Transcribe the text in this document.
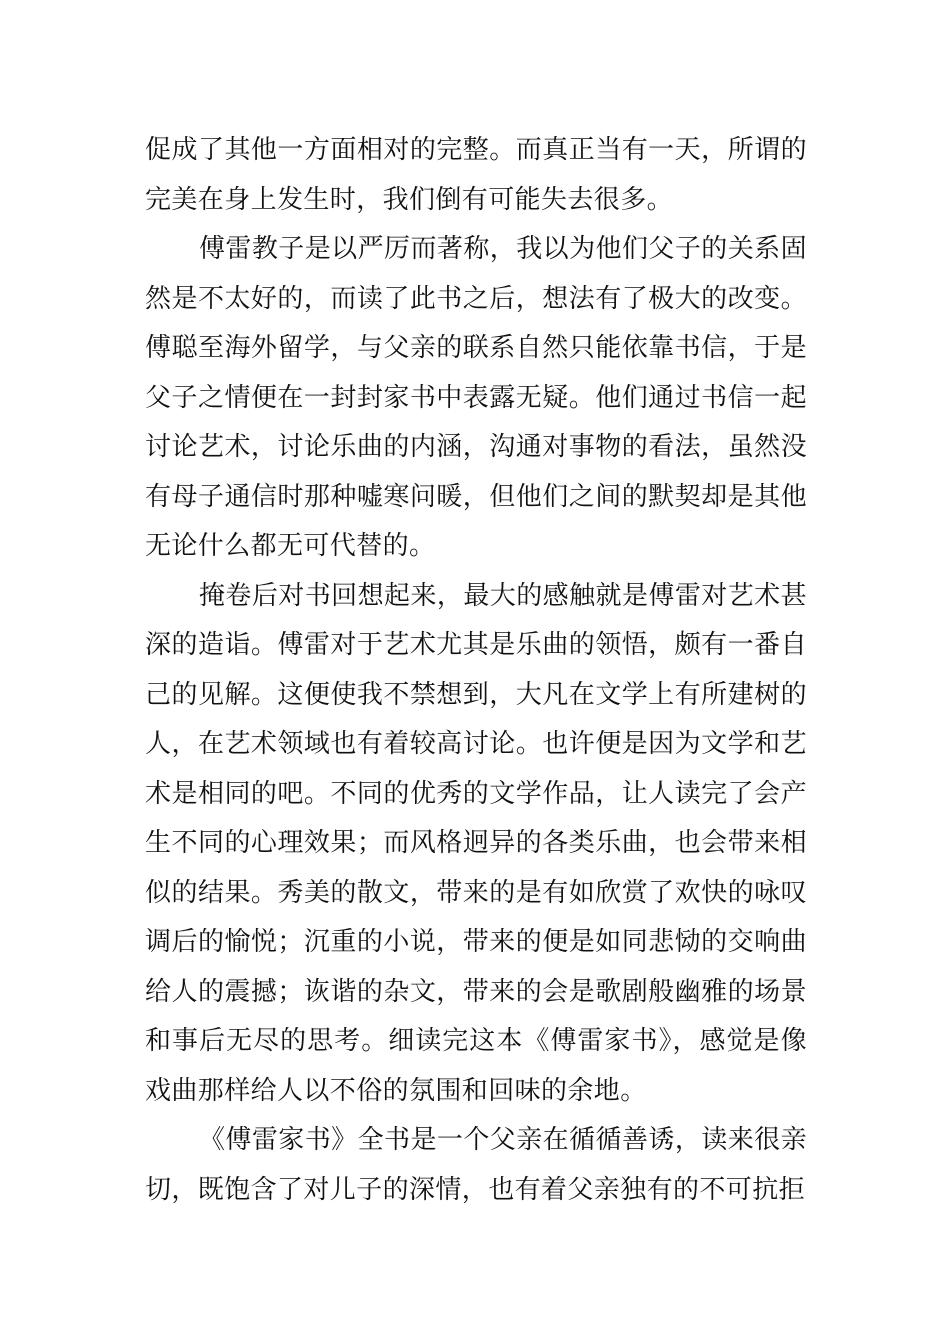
促成了其他一方面相对的完整。而真正当有一天，所谓的完美在身上发生时，我们倒有可能失去很多。

傅雷教子是以严厉而著称，我以为他们父子的关系固然是不太好的，而读了此书之后，想法有了极大的改变。傅聪至海外留学，与父亲的联系自然只能依靠书信，于是父子之情便在一封封家书中表露无疑。他们通过书信一起讨论艺术，讨论乐曲的内涵，沟通对事物的看法，虽然没有母子通信时那种嘘寒问暖，但他们之间的默契却是其他无论什么都无可代替的。

掩卷后对书回想起来，最大的感触就是傅雷对艺术甚深的造诣。傅雷对于艺术尤其是乐曲的领悟，颇有一番自己的见解。这便使我不禁想到，大凡在文学上有所建树的人，在艺术领域也有着较高讨论。也许便是因为文学和艺术是相同的吧。不同的优秀的文学作品，让人读完了会产生不同的心理效果；而风格迥异的各类乐曲，也会带来相似的结果。秀美的散文，带来的是有如欣赏了欢快的咏叹调后的愉悦；沉重的小说，带来的便是如同悲恸的交响曲给人的震撼；诙谐的杂文，带来的会是歌剧般幽雅的场景和事后无尽的思考。细读完这本《傅雷家书》，感觉是像戏曲那样给人以不俗的氛围和回味的余地。

《傅雷家书》全书是一个父亲在循循善诱，读来很亲切，既饱含了对儿子的深情，也有着父亲独有的不可抗拒
